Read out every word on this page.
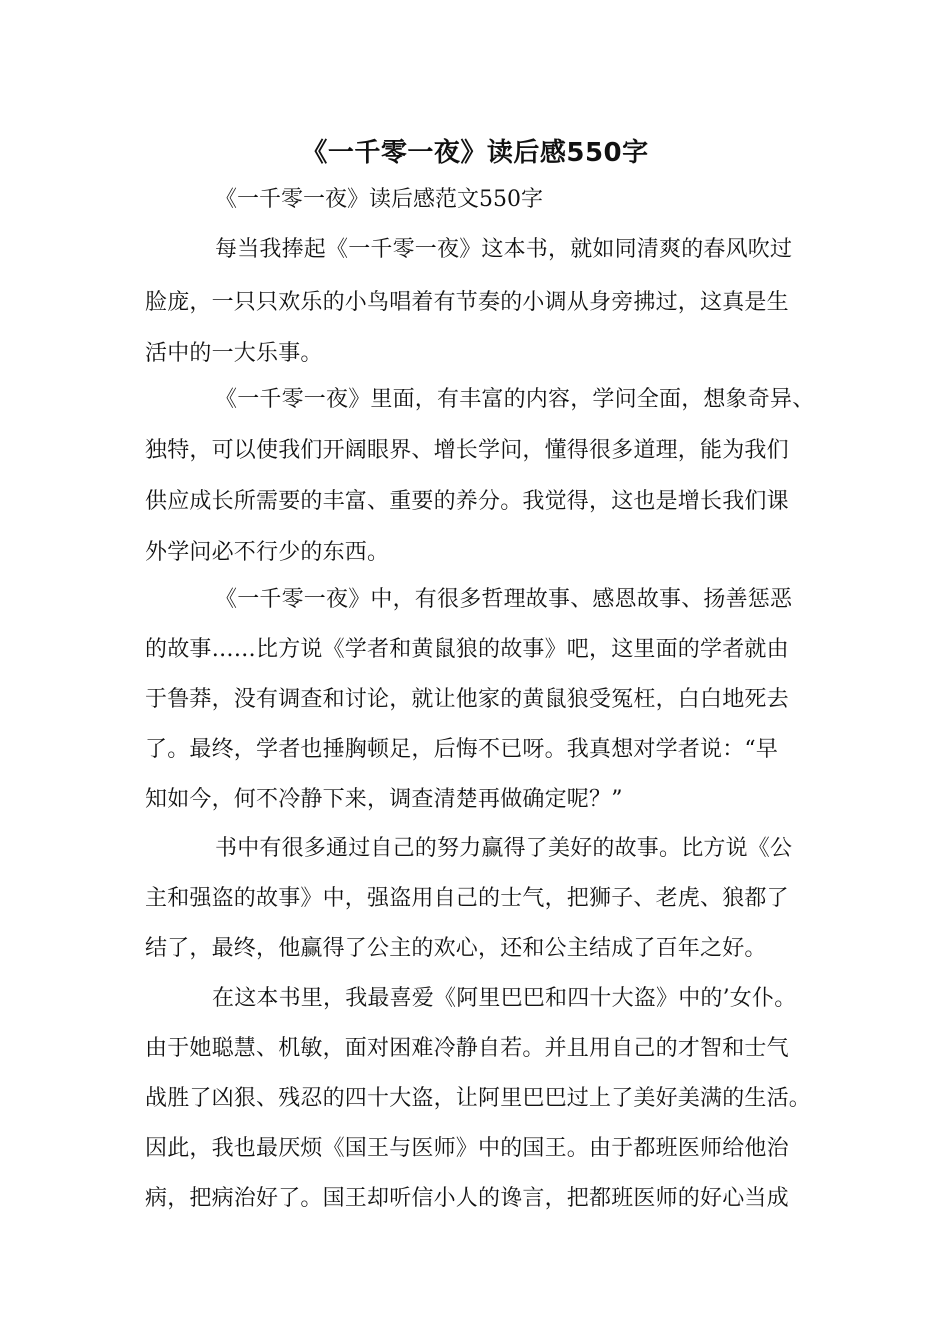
《一千零一夜》读后感550字

《一千零一夜》读后感范文550字

每当我捧起《一千零一夜》这本书，就如同清爽的春风吹过

脸庞，一只只欢乐的小鸟唱着有节奏的小调从身旁拂过，这真是生

活中的一大乐事。

《一千零一夜》里面，有丰富的内容，学问全面，想象奇异、

独特，可以使我们开阔眼界、增长学问，懂得很多道理，能为我们

供应成长所需要的丰富、重要的养分。我觉得，这也是增长我们课

外学问必不行少的东西。

《一千零一夜》中，有很多哲理故事、感恩故事、扬善惩恶

的故事……比方说《学者和黄鼠狼的故事》吧，这里面的学者就由

于鲁莽，没有调查和讨论，就让他家的黄鼠狼受冤枉，白白地死去

了。最终，学者也捶胸顿足，后悔不已呀。我真想对学者说：“早

知如今，何不冷静下来，调查清楚再做确定呢？”

书中有很多通过自己的努力赢得了美好的故事。比方说《公

主和强盗的故事》中，强盗用自己的士气，把狮子、老虎、狼都了

结了，最终，他赢得了公主的欢心，还和公主结成了百年之好。

在这本书里，我最喜爱《阿里巴巴和四十大盗》中的’女仆。

由于她聪慧、机敏，面对困难冷静自若。并且用自己的才智和士气

战胜了凶狠、残忍的四十大盗，让阿里巴巴过上了美好美满的生活。

因此，我也最厌烦《国王与医师》中的国王。由于都班医师给他治

病，把病治好了。国王却听信小人的谗言，把都班医师的好心当成
